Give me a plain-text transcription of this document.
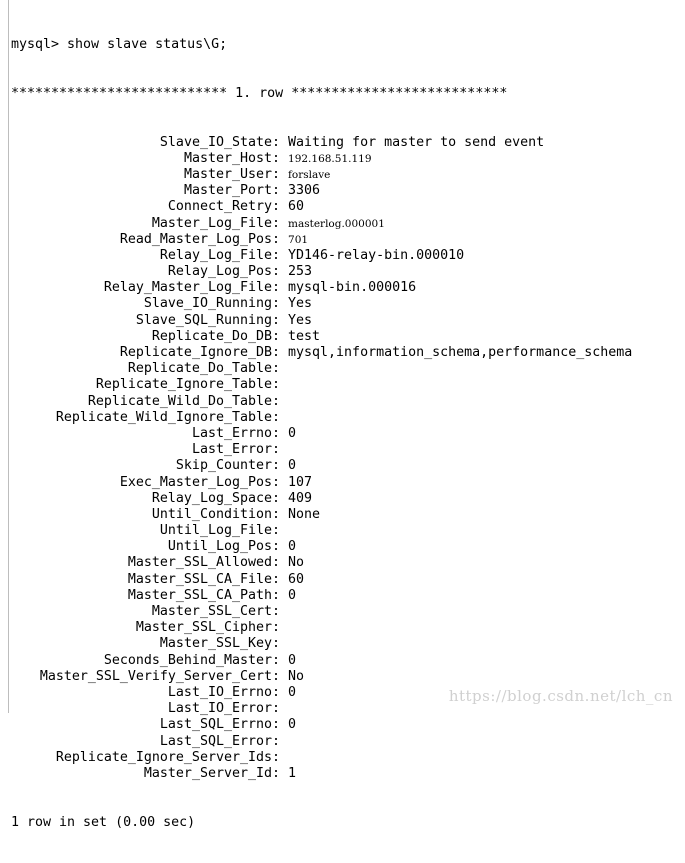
mysql> show slave status\G;

*************************** 1. row ***************************

Slave_IO_State : Waiting for master to send event
Master_Host : 192.168.51.119
Master_User : forslave
Master_Port : 3306
Connect_Retry : 60
Master_Log_File : masterlog.000001
Read_Master_Log_Pos : 701
Relay_Log_File : YD146-relay-bin.000010
Relay_Log_Pos : 253
Relay_Master_Log_File : mysql-bin.000016
Slave_IO_Running : Yes
Slave_SQL_Running : Yes
Replicate_Do_DB : test
Replicate_Ignore_DB : mysql,information_schema,performance_schema
Replicate_Do_Table :
Replicate_Ignore_Table :
Replicate_Wild_Do_Table :
Replicate_Wild_Ignore_Table :
Last_Errno : 0
Last_Error :
Skip_Counter : 0
Exec_Master_Log_Pos : 107
Relay_Log_Space : 409
Until_Condition : None
Until_Log_File :
Until_Log_Pos : 0
Master_SSL_Allowed : No
Master_SSL_CA_File : 60
Master_SSL_CA_Path : 0
Master_SSL_Cert :
Master_SSL_Cipher :
Master_SSL_Key :
Seconds_Behind_Master : 0
Master_SSL_Verify_Server_Cert : No
Last_IO_Errno : 0
Last_IO_Error :
Last_SQL_Errno : 0
Last_SQL_Error :
Replicate_Ignore_Server_Ids :
Master_Server_Id : 1

1 row in set (0.00 sec)

https://blog.csdn.net/lch_cn
